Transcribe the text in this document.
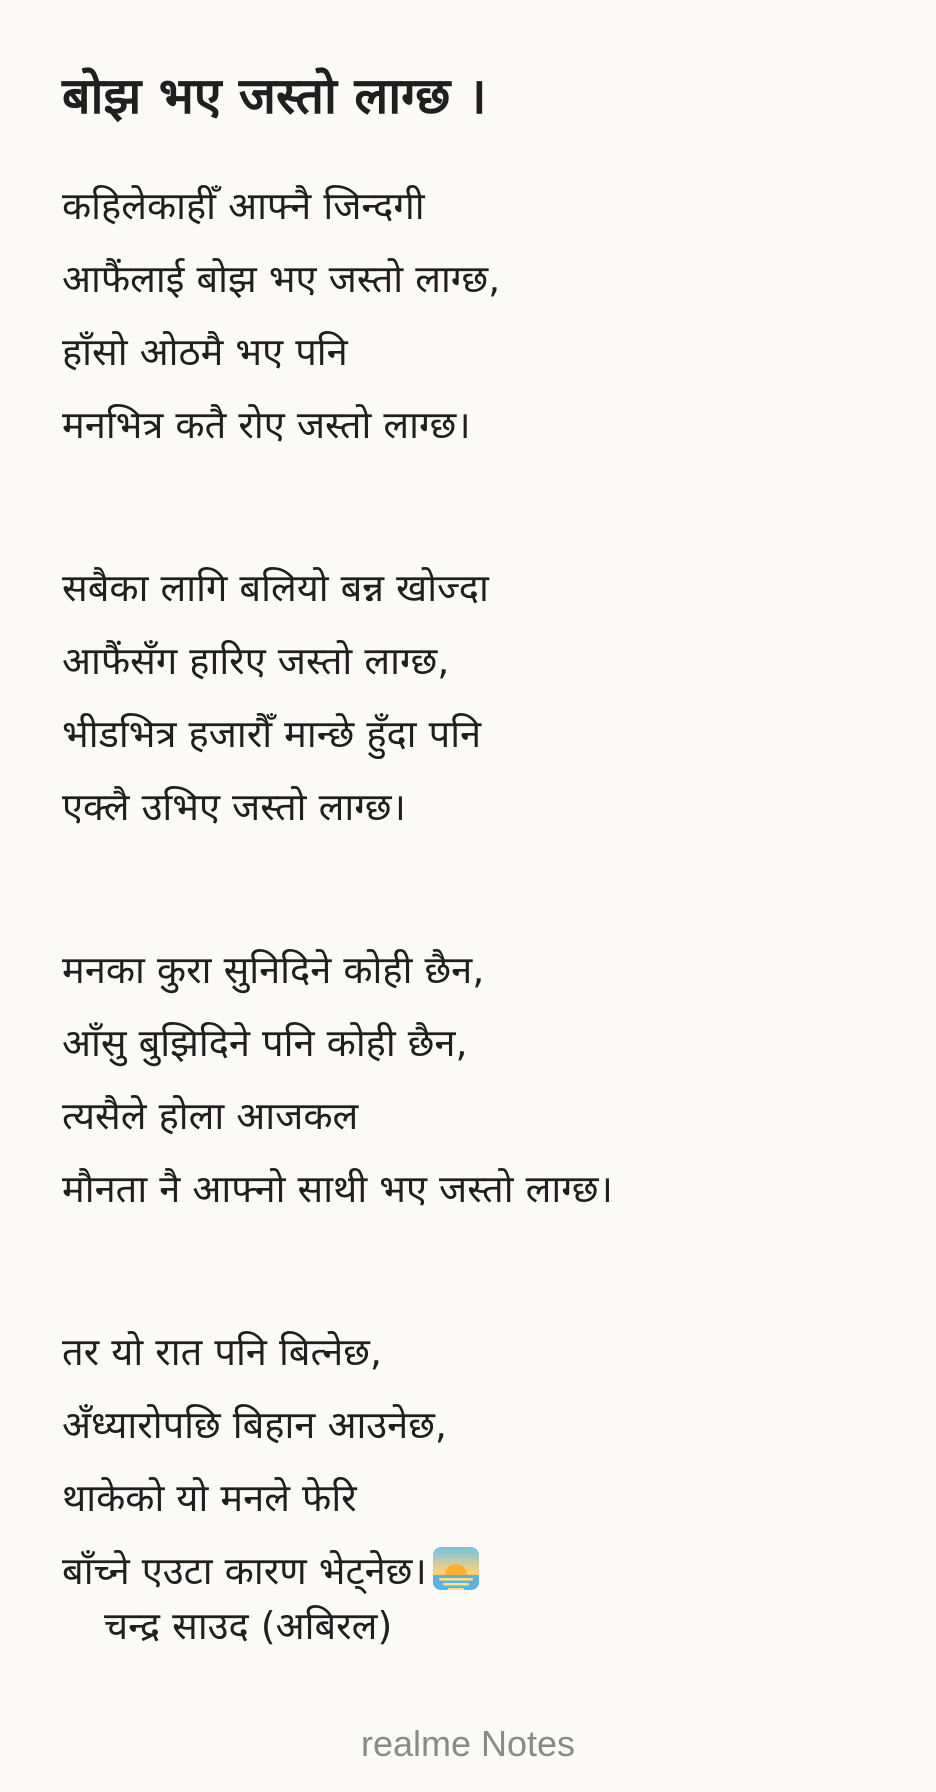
बोझ भए जस्तो लाग्छ ।
कहिलेकाहीँ आफ्नै जिन्दगी
आफैंलाई बोझ भए जस्तो लाग्छ,
हाँसो ओठमै भए पनि
मनभित्र कतै रोए जस्तो लाग्छ।
सबैका लागि बलियो बन्न खोज्दा
आफैंसँग हारिए जस्तो लाग्छ,
भीडभित्र हजारौँ मान्छे हुँदा पनि
एक्लै उभिए जस्तो लाग्छ।
मनका कुरा सुनिदिने कोही छैन,
आँसु बुझिदिने पनि कोही छैन,
त्यसैले होला आजकल
मौनता नै आफ्नो साथी भए जस्तो लाग्छ।
तर यो रात पनि बित्नेछ,
अँध्यारोपछि बिहान आउनेछ,
थाकेको यो मनले फेरि
बाँच्ने एउटा कारण भेट्नेछ।
चन्द्र साउद (अबिरल)
realme Notes
